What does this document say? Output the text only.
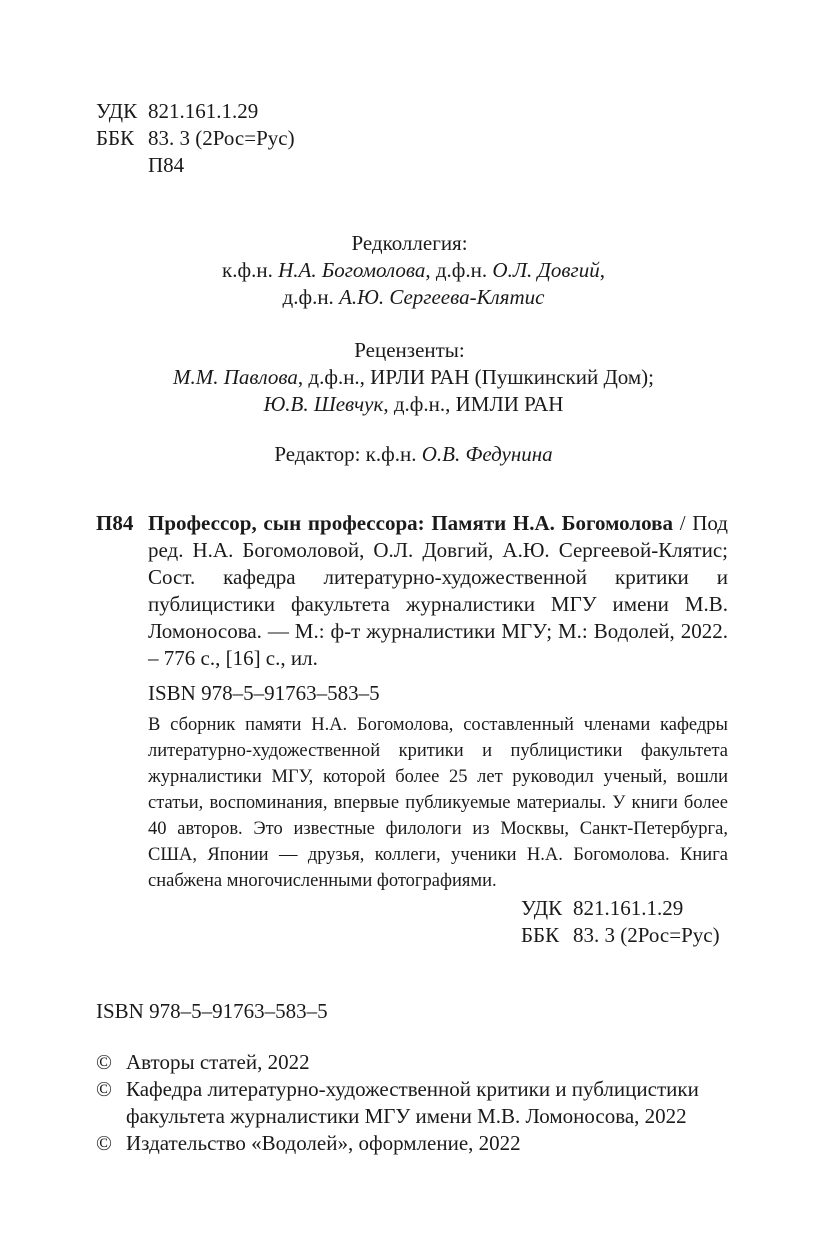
УДК 821.161.1.29
ББК 83. 3 (2Рос=Рус)
П84
Редколлегия:
к.ф.н. Н.А. Богомолова, д.ф.н. О.Л. Довгий,
д.ф.н. А.Ю. Сергеева-Клятис
Рецензенты:
М.М. Павлова, д.ф.н., ИРЛИ РАН (Пушкинский Дом);
Ю.В. Шевчук, д.ф.н., ИМЛИ РАН
Редактор: к.ф.н. О.В. Федунина
П84 Профессор, сын профессора: Памяти Н.А. Богомолова / Под ред. Н.А. Богомоловой, О.Л. Довгий, А.Ю. Сергеевой-Клятис; Сост. кафедра литературно-художественной критики и публицистики факультета журналистики МГУ имени М.В. Ломоносова. — М.: ф-т журналистики МГУ; М.: Водолей, 2022. – 776 с., [16] с., ил.
ISBN 978–5–91763–583–5
В сборник памяти Н.А. Богомолова, составленный членами кафедры литературно-художественной критики и публицистики факультета журналистики МГУ, которой более 25 лет руководил ученый, вошли статьи, воспоминания, впервые публикуемые материалы. У книги более 40 авторов. Это известные филологи из Москвы, Санкт-Петербурга, США, Японии — друзья, коллеги, ученики Н.А. Богомолова. Книга снабжена многочисленными фотографиями.
УДК 821.161.1.29
ББК 83. 3 (2Рос=Рус)
ISBN 978–5–91763–583–5
© Авторы статей, 2022
© Кафедра литературно-художественной критики и публицистики
факультета журналистики МГУ имени М.В. Ломоносова, 2022
© Издательство «Водолей», оформление, 2022
